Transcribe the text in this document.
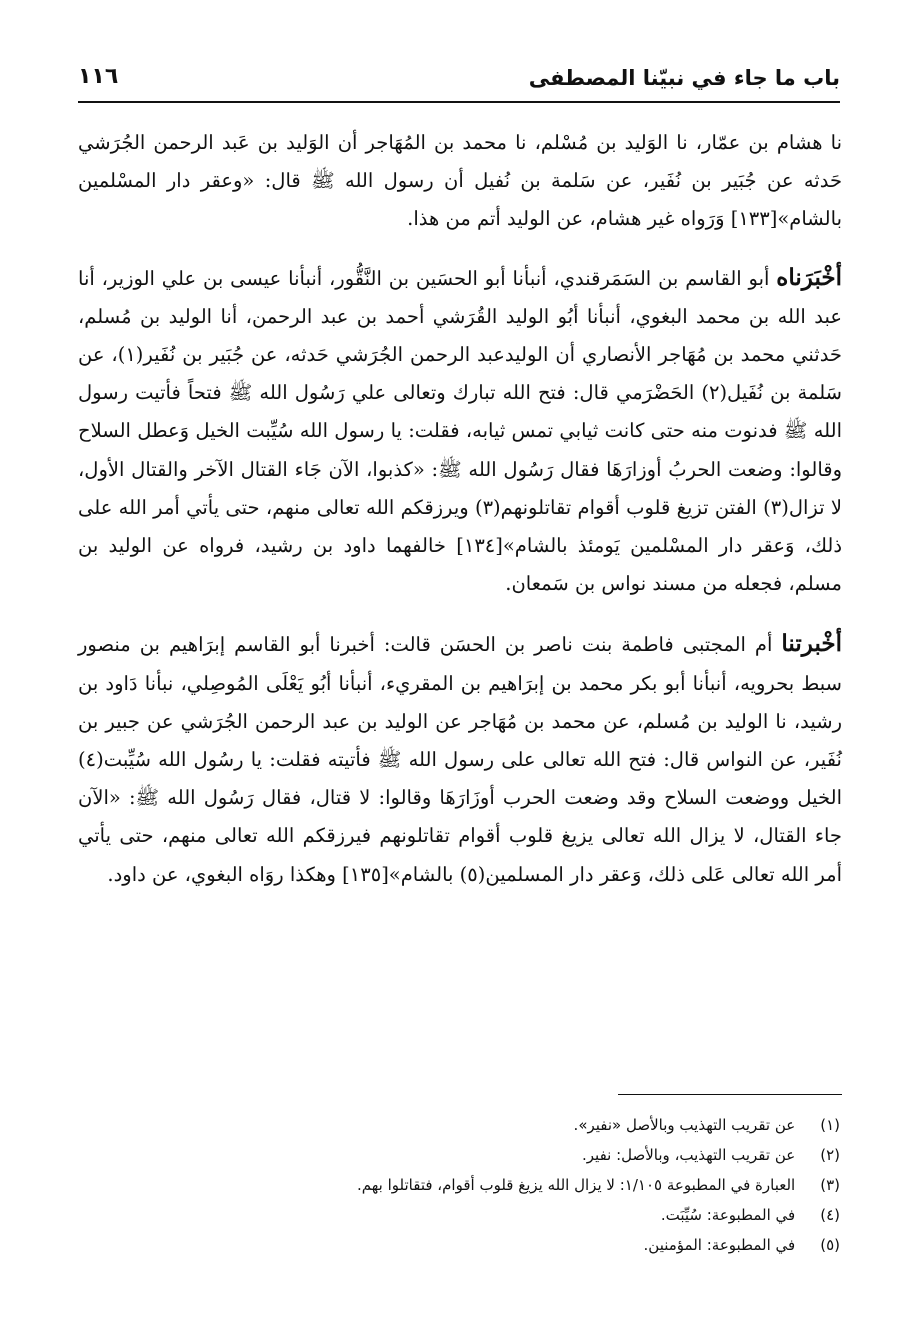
باب ما جاء في نبيّنا المصطفى
١١٦

نا هشام بن عمّار، نا الوَليد بن مُسْلم، نا محمد بن المُهَاجر أن الوَليد بن عَبد الرحمن الجُرَشي حَدثه عن جُبَير بن نُفَير، عن سَلمة بن نُفيل أن رسول الله ﷺ قال: «وعقر دار المسْلمين بالشام»[١٣٣] وَرَواه غير هشام، عن الوليد أتم من هذا.

أخْبَرَناه أبو القاسم بن السَمَرقندي، أنبأنا أبو الحسَين بن النَّقُّور، أنبأنا عيسى بن علي الوزير، أنا عبد الله بن محمد البغوي، أنبأنا أبُو الوليد القُرَشي أحمد بن عبد الرحمن، أنا الوليد بن مُسلم، حَدثني محمد بن مُهَاجر الأنصاري أن الوليدعبد الرحمن الجُرَشي حَدثه، عن جُبَير بن نُفَير(١)، عن سَلمة بن نُفَيل(٢) الحَضْرَمي قال: فتح الله تبارك وتعالى علي رَسُول الله ﷺ فتحاً فأتيت رسول الله ﷺ فدنوت منه حتى كانت ثيابي تمس ثيابه، فقلت: يا رسول الله سُيِّبت الخيل وَعطل السلاح وقالوا: وضعت الحربُ أوزارَهَا فقال رَسُول الله ﷺ: «كذبوا، الآن جَاء القتال الآخر والقتال الأول، لا تزال(٣) الفتن تزيغ قلوب أقوام تقاتلونهم(٣) ويرزقكم الله تعالى منهم، حتى يأتي أمر الله على ذلك، وَعقر دار المسْلمين يَومئذ بالشام»[١٣٤] خالفهما داود بن رشيد، فرواه عن الوليد بن مسلم، فجعله من مسند نواس بن سَمعان.

أخْبرتنا أم المجتبى فاطمة بنت ناصر بن الحسَن قالت: أخبرنا أبو القاسم إبرَاهيم بن منصور سبط بحرويه، أنبأنا أبو بكر محمد بن إبرَاهيم بن المقريء، أنبأنا أبُو يَعْلَى المُوصِلي، نبأنا دَاود بن رشيد، نا الوليد بن مُسلم، عن محمد بن مُهَاجر عن الوليد بن عبد الرحمن الجُرَشي عن جبير بن نُفَير، عن النواس قال: فتح الله تعالى على رسول الله ﷺ فأتيته فقلت: يا رسُول الله سُيِّبت(٤) الخيل ووضعت السلاح وقد وضعت الحرب أوزَارَهَا وقالوا: لا قتال، فقال رَسُول الله ﷺ: «الآن جاء القتال، لا يزال الله تعالى يزيغ قلوب أقوام تقاتلونهم فيرزقكم الله تعالى منهم، حتى يأتي أمر الله تعالى عَلى ذلك، وَعقر دار المسلمين(٥) بالشام»[١٣٥] وهكذا روَاه البغوي، عن داود.

(١) عن تقريب التهذيب وبالأصل «نفير».
(٢) عن تقريب التهذيب، وبالأصل: نفير.
(٣) العبارة في المطبوعة ١/١٠٥: لا يزال الله يزيغ قلوب أقوام، فتقاتلوا بهم.
(٤) في المطبوعة: سُيِّبَت.
(٥) في المطبوعة: المؤمنين.
